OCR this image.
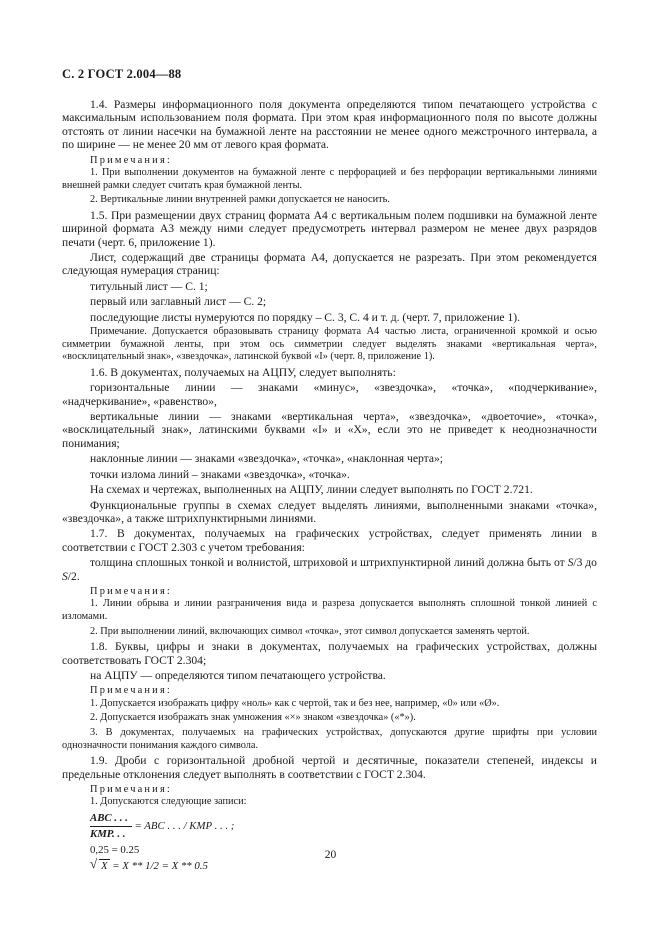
С. 2 ГОСТ 2.004—88

1.4. Размеры информационного поля документа определяются типом печатающего устройства с максимальным использованием поля формата. При этом края информационного поля по высоте должны отстоять от линии насечки на бумажной ленте на расстоянии не менее одного межстрочного интервала, а по ширине — не менее 20 мм от левого края формата.

Примечания:

1. При выполнении документов на бумажной ленте с перфорацией и без перфорации вертикальными линиями внешней рамки следует считать края бумажной ленты.

2. Вертикальные линии внутренней рамки допускается не наносить.

1.5. При размещении двух страниц формата А4 с вертикальным полем подшивки на бумажной ленте шириной формата А3 между ними следует предусмотреть интервал размером не менее двух разрядов печати (черт. 6, приложение 1).

Лист, содержащий две страницы формата А4, допускается не разрезать. При этом рекомендуется следующая нумерация страниц:

титульный лист — С. 1;

первый или заглавный лист — С. 2;

последующие листы нумеруются по порядку – С. 3, С. 4 и т. д. (черт. 7, приложение 1).

Примечание. Допускается образовывать страницу формата А4 частью листа, ограниченной кромкой и осью симметрии бумажной ленты, при этом ось симметрии следует выделять знаками «вертикальная черта», «восклицательный знак», «звездочка», латинской буквой «I» (черт. 8, приложение 1).

1.6. В документах, получаемых на АЦПУ, следует выполнять:

горизонтальные линии — знаками «минус», «звездочка», «точка», «подчеркивание», «надчеркивание», «равенство»,

вертикальные линии — знаками «вертикальная черта», «звездочка», «двоеточие», «точка», «восклицательный знак», латинскими буквами «I» и «X», если это не приведет к неоднозначности понимания;

наклонные линии — знаками «звездочка», «точка», «наклонная черта»;

точки излома линий – знаками «звездочка», «точка».

На схемах и чертежах, выполненных на АЦПУ, линии следует выполнять по ГОСТ 2.721.

Функциональные группы в схемах следует выделять линиями, выполненными знаками «точка», «звездочка», а также штрихпунктирными линиями.

1.7. В документах, получаемых на графических устройствах, следует применять линии в соответствии с ГОСТ 2.303 с учетом требования:

толщина сплошных тонкой и волнистой, штриховой и штрихпунктирной линий должна быть от S/3 до S/2.

Примечания:

1. Линии обрыва и линии разграничения вида и разреза допускается выполнять сплошной тонкой линией с изломами.

2. При выполнении линий, включающих символ «точка», этот символ допускается заменять чертой.

1.8. Буквы, цифры и знаки в документах, получаемых на графических устройствах, должны соответствовать ГОСТ 2.304;

на АЦПУ — определяются типом печатающего устройства.

Примечания:

1. Допускается изображать цифру «ноль» как с чертой, так и без нее, например, «0» или «Ø».

2. Допускается изображать знак умножения «×» знаком «звездочка» («*»).

3. В документах, получаемых на графических устройствах, допускаются другие шрифты при условии однозначности понимания каждого символа.

1.9. Дроби с горизонтальной дробной чертой и десятичные, показатели степеней, индексы и предельные отклонения следует выполнять в соответствии с ГОСТ 2.304.

Примечания:

1. Допускаются следующие записи:

$\frac{\text{ABC . . .}}{\text{KMP. . .}}$ = ABC . . . / KMP . . . ;
0,25 = 0.25
√ X = X ** 1/2 = X ** 0.5
20
